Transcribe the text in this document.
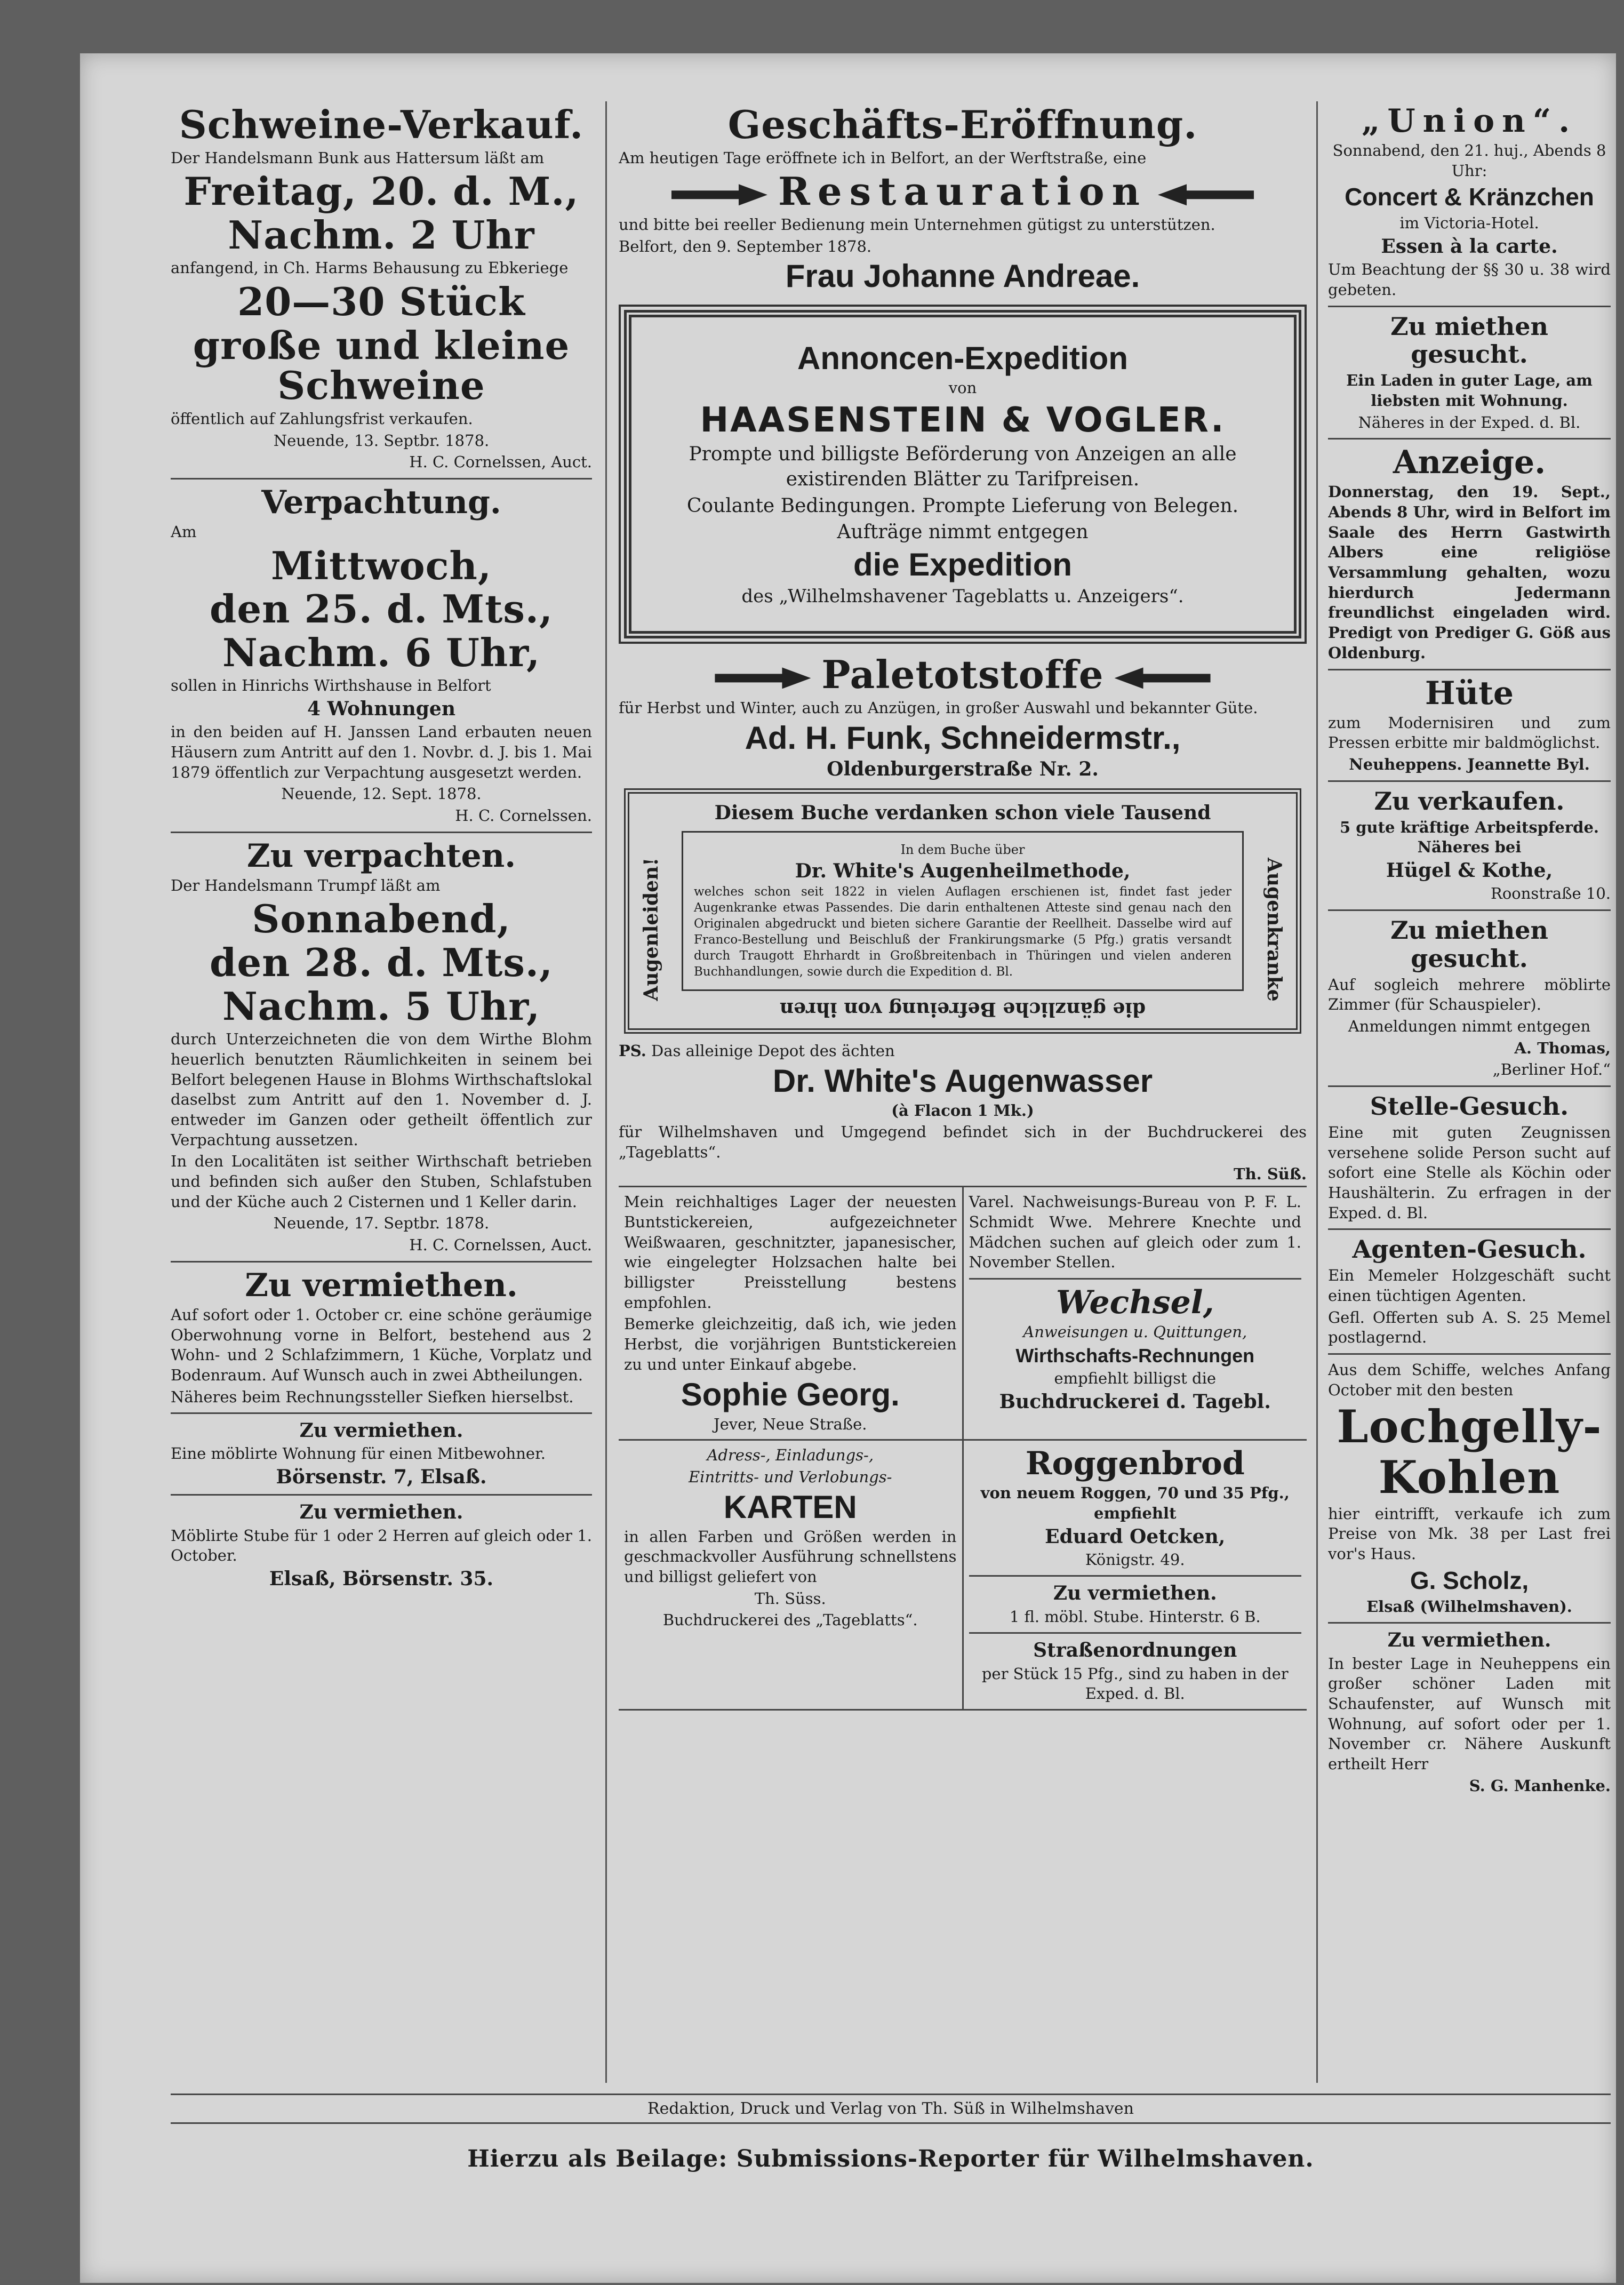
Schweine-Verkauf.
Der Handelsmann Bunk aus Hattersum läßt am
Freitag, 20. d. M.,
Nachm. 2 Uhr
anfangend, in Ch. Harms Behausung zu Ebkeriege
20—30 Stück
große und kleine Schweine
öffentlich auf Zahlungsfrist verkaufen.
Neuende, 13. Septbr. 1878.
H. C. Cornelssen, Auct.
Verpachtung.
Am
Mittwoch,
den 25. d. Mts.,
Nachm. 6 Uhr,
sollen in Hinrichs Wirthshause in Belfort
4 Wohnungen
in den beiden auf H. Janssen Land erbauten neuen Häusern zum Antritt auf den 1. Novbr. d. J. bis 1. Mai 1879 öffentlich zur Verpachtung ausgesetzt werden.
Neuende, 12. Sept. 1878.
H. C. Cornelssen.
Zu verpachten.
Der Handelsmann Trumpf läßt am
Sonnabend,
den 28. d. Mts.,
Nachm. 5 Uhr,
durch Unterzeichneten die von dem Wirthe Blohm heuerlich benutzten Räumlichkeiten in seinem bei Belfort belegenen Hause in Blohms Wirthschaftslokal daselbst zum Antritt auf den 1. November d. J. entweder im Ganzen oder getheilt öffentlich zur Verpachtung aussetzen.
In den Localitäten ist seither Wirthschaft betrieben und befinden sich außer den Stuben, Schlafstuben und der Küche auch 2 Cisternen und 1 Keller darin.
Neuende, 17. Septbr. 1878.
H. C. Cornelssen, Auct.
Zu vermiethen.
Auf sofort oder 1. October cr. eine schöne geräumige Oberwohnung vorne in Belfort, bestehend aus 2 Wohn- und 2 Schlafzimmern, 1 Küche, Vorplatz und Bodenraum. Auf Wunsch auch in zwei Abtheilungen.
Näheres beim Rechnungssteller Siefken hierselbst.
Zu vermiethen.
Eine möblirte Wohnung für einen Mitbewohner.
Börsenstr. 7, Elsaß.
Zu vermiethen.
Möblirte Stube für 1 oder 2 Herren auf gleich oder 1. October.
Elsaß, Börsenstr. 35.
Geschäfts-Eröffnung.
Am heutigen Tage eröffnete ich in Belfort, an der Werftstraße, eine
Restauration
und bitte bei reeller Bedienung mein Unternehmen gütigst zu unterstützen.
Belfort, den 9. September 1878.
Frau Johanne Andreae.
Annoncen-Expedition
von
HAASENSTEIN & VOGLER.
Prompte und billigste Beförderung von Anzeigen an alle existirenden Blätter zu Tarifpreisen.
Coulante Bedingungen. Prompte Lieferung von Belegen.
Aufträge nimmt entgegen
die Expedition
des „Wilhelmshavener Tageblatts u. Anzeigers“.
Paletotstoffe
für Herbst und Winter, auch zu Anzügen, in großer Auswahl und bekannter Güte.
Ad. H. Funk, Schneidermstr.,
Oldenburgerstraße Nr. 2.
Diesem Buche verdanken schon viele Tausend
Augenleiden!	Augenkranke
In dem Buche über
Dr. White's Augenheilmethode,
welches schon seit 1822 in vielen Auflagen erschienen ist, findet fast jeder Augenkranke etwas Passendes. Die darin enthaltenen Atteste sind genau nach den Originalen abgedruckt und bieten sichere Garantie der Reellheit. Dasselbe wird auf Franco-Bestellung und Beischluß der Frankirungsmarke (5 Pfg.) gratis versandt durch Traugott Ehrhardt in Großbreitenbach in Thüringen und vielen anderen Buchhandlungen, sowie durch die Expedition d. Bl.
die gänzliche Befreiung von ihren
PS. Das alleinige Depot des ächten
Dr. White's Augenwasser
(à Flacon 1 Mk.)
für Wilhelmshaven und Umgegend befindet sich in der Buchdruckerei des „Tageblatts“.
Th. Süß.
Mein reichhaltiges Lager der neuesten Buntstickereien, aufgezeichneter Weißwaaren, geschnitzter, japanesischer, wie eingelegter Holzsachen halte bei billigster Preisstellung bestens empfohlen.
Bemerke gleichzeitig, daß ich, wie jeden Herbst, die vorjährigen Buntstickereien zu und unter Einkauf abgebe.
Sophie Georg.
Jever, Neue Straße.
Varel. Nachweisungs-Bureau von P. F. L. Schmidt Wwe. Mehrere Knechte und Mädchen suchen auf gleich oder zum 1. November Stellen.
Wechsel,
Anweisungen u. Quittungen,
Wirthschafts-Rechnungen
empfiehlt billigst die
Buchdruckerei d. Tagebl.
Adress-, Einladungs-,
Eintritts- und Verlobungs-
KARTEN
in allen Farben und Größen werden in geschmackvoller Ausführung schnellstens und billigst geliefert von
Th. Süss.
Buchdruckerei des „Tageblatts“.
Roggenbrod
von neuem Roggen, 70 und 35 Pfg., empfiehlt
Eduard Oetcken,
Königstr. 49.
Zu vermiethen.
1 fl. möbl. Stube. Hinterstr. 6 B.
Straßenordnungen
per Stück 15 Pfg., sind zu haben in der Exped. d. Bl.
„Union“.
Sonnabend, den 21. huj., Abends 8 Uhr:
Concert & Kränzchen
im Victoria-Hotel.
Essen à la carte.
Um Beachtung der §§ 30 u. 38 wird gebeten.
Zu miethen gesucht.
Ein Laden in guter Lage, am liebsten mit Wohnung.
Näheres in der Exped. d. Bl.
Anzeige.
Donnerstag, den 19. Sept., Abends 8 Uhr, wird in Belfort im Saale des Herrn Gastwirth Albers eine religiöse Versammlung gehalten, wozu hierdurch Jedermann freundlichst eingeladen wird. Predigt von Prediger G. Göß aus Oldenburg.
Hüte
zum Modernisiren und zum Pressen erbitte mir baldmöglichst.
Neuheppens. Jeannette Byl.
Zu verkaufen.
5 gute kräftige Arbeitspferde. Näheres bei
Hügel & Kothe,
Roonstraße 10.
Zu miethen gesucht.
Auf sogleich mehrere möblirte Zimmer (für Schauspieler).
Anmeldungen nimmt entgegen
A. Thomas,
„Berliner Hof.“
Stelle-Gesuch.
Eine mit guten Zeugnissen versehene solide Person sucht auf sofort eine Stelle als Köchin oder Haushälterin. Zu erfragen in der Exped. d. Bl.
Agenten-Gesuch.
Ein Memeler Holzgeschäft sucht einen tüchtigen Agenten.
Gefl. Offerten sub A. S. 25 Memel postlagernd.
Aus dem Schiffe, welches Anfang October mit den besten
Lochgelly-
Kohlen
hier eintrifft, verkaufe ich zum Preise von Mk. 38 per Last frei vor's Haus.
G. Scholz,
Elsaß (Wilhelmshaven).
Zu vermiethen.
In bester Lage in Neuheppens ein großer schöner Laden mit Schaufenster, auf Wunsch mit Wohnung, auf sofort oder per 1. November cr. Nähere Auskunft ertheilt Herr
S. G. Manhenke.
Redaktion, Druck und Verlag von Th. Süß in Wilhelmshaven
Hierzu als Beilage: Submissions-Reporter für Wilhelmshaven.
